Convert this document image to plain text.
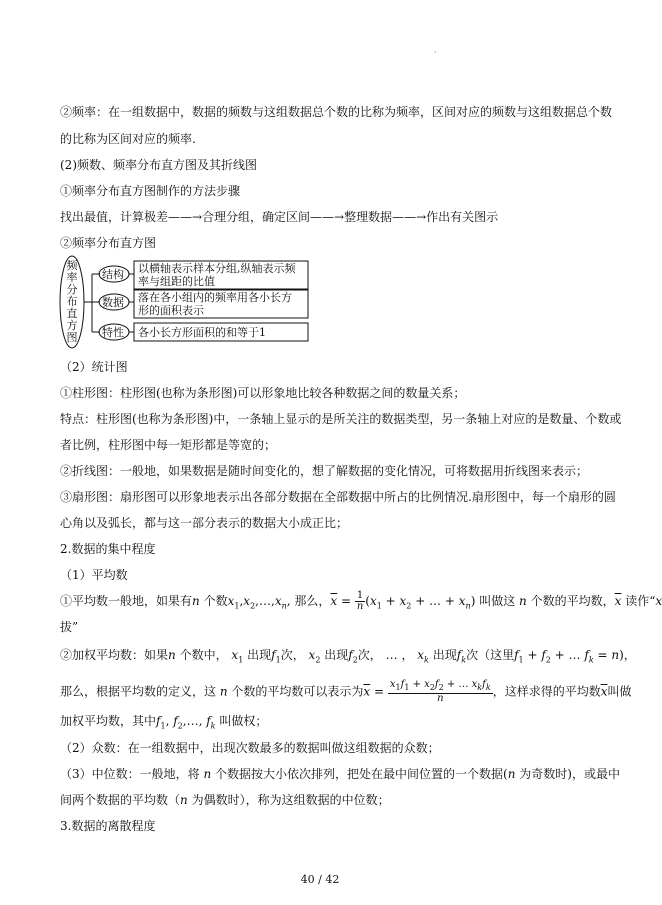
·
②频率：在一组数据中，数据的频数与这组数据总个数的比称为频率，区间对应的频数与这组数据总个数
的比称为区间对应的频率.
(2)频数、频率分布直方图及其折线图
①频率分布直方图制作的方法步骤
找出最值，计算极差——→合理分组，确定区间——→整理数据——→作出有关图示
②频率分布直方图
频
率
分
布
直
方
图
结构
数据
特性
以横轴表示样本分组,纵轴表示频
率与组距的比值
落在各小组内的频率用各小长方
形的面积表示
各小长方形面积的和等于1
（2）统计图
①柱形图：柱形图(也称为条形图)可以形象地比较各种数据之间的数量关系；
特点：柱形图(也称为条形图)中，一条轴上显示的是所关注的数据类型，另一条轴上对应的是数量、个数或
者比例，柱形图中每一矩形都是等宽的；
②折线图：一般地，如果数据是随时间变化的，想了解数据的变化情况，可将数据用折线图来表示；
③扇形图：扇形图可以形象地表示出各部分数据在全部数据中所占的比例情况.扇形图中，每一个扇形的圆
心角以及弧长，都与这一部分表示的数据大小成正比；
2.数据的集中程度
（1）平均数
①平均数一般地，如果有n 个数$x_1,x_2,\dots,x_n$, 那么，$\overline{x} = \frac{1}{n} (x_1 + x_2$ + … + $x_n$) 叫做这 n 个数的平均数，$\overline{x}$ 读作“x
拔”
②加权平均数：如果n 个数中， $x_1$ 出现$f_1$次， $x_2$ 出现$f_2$次， … ， $x_k$ 出现$f_k$次（这里$f_1 + f_2$ + … $f_k = n$)，
那么，根据平均数的定义，这 n 个数的平均数可以表示为$\overline{x} = \frac{x_1f_1 + x_2f_2 + \dots x_kf_k}{n}$ ，这样求得的平均数$\overline{x}$叫做
加权平均数，其中$f_1$, $f_2,\dots$, $f_k$ 叫做权；
（2）众数：在一组数据中，出现次数最多的数据叫做这组数据的众数；
（3）中位数：一般地，将 n 个数据按大小依次排列，把处在最中间位置的一个数据(n 为奇数时)，或最中
间两个数据的平均数（n 为偶数时），称为这组数据的中位数；
3.数据的离散程度
40 / 42
